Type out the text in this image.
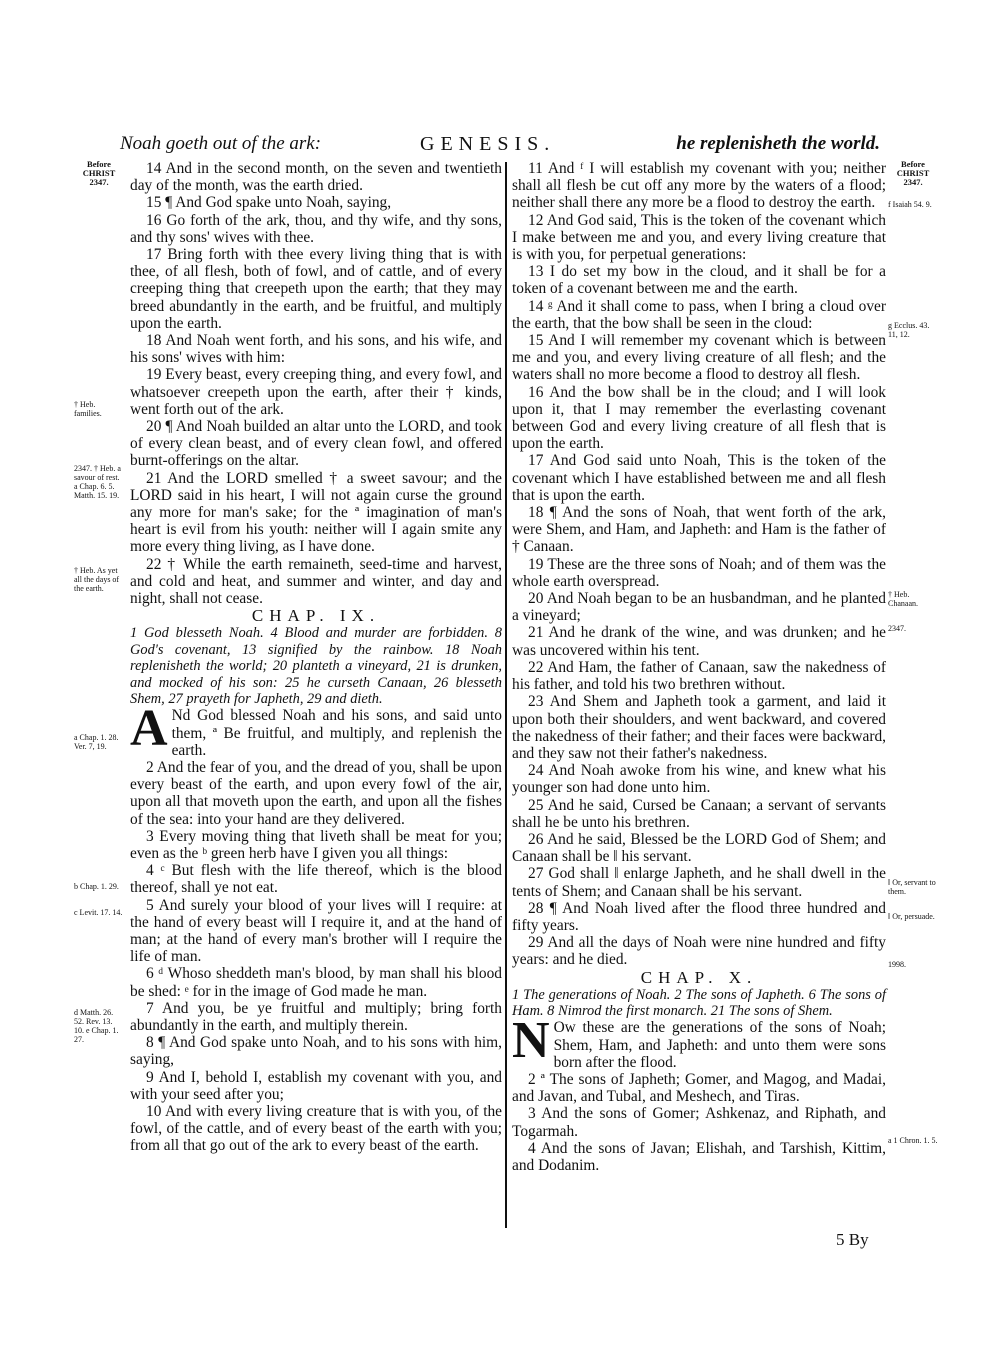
Noah goeth out of the ark:	GENESIS.	he replenisheth the world.

14 And in the second month, on the seven and twentieth day of the month, was the earth dried.

15 ¶ And God spake unto Noah, saying,

16 Go forth of the ark, thou, and thy wife, and thy sons, and thy sons' wives with thee.

17 Bring forth with thee every living thing that is with thee, of all flesh, both of fowl, and of cattle, and of every creeping thing that creepeth upon the earth; that they may breed abundantly in the earth, and be fruitful, and multiply upon the earth.

18 And Noah went forth, and his sons, and his wife, and his sons' wives with him:

19 Every beast, every creeping thing, and every fowl, and whatsoever creepeth upon the earth, after their † kinds, went forth out of the ark.

20 ¶ And Noah builded an altar unto the LORD, and took of every clean beast, and of every clean fowl, and offered burnt-offerings on the altar.

21 And the LORD smelled † a sweet savour; and the LORD said in his heart, I will not again curse the ground any more for man's sake; for the ª imagination of man's heart is evil from his youth: neither will I again smite any more every thing living, as I have done.

22 † While the earth remaineth, seed-time and harvest, and cold and heat, and summer and winter, and day and night, shall not cease.

CHAP. IX.

1 God blesseth Noah. 4 Blood and murder are forbidden. 8 God's covenant, 13 signified by the rainbow. 18 Noah replenisheth the world; 20 planteth a vineyard, 21 is drunken, and mocked of his son: 25 he curseth Canaan, 26 blesseth Shem, 27 prayeth for Japheth, 29 and dieth.

A Nd God blessed Noah and his sons, and said unto them, ª Be fruitful, and multiply, and replenish the earth.

2 And the fear of you, and the dread of you, shall be upon every beast of the earth, and upon every fowl of the air, upon all that moveth upon the earth, and upon all the fishes of the sea: into your hand are they delivered.

3 Every moving thing that liveth shall be meat for you; even as the ᵇ green herb have I given you all things:

4 ᶜ But flesh with the life thereof, which is the blood thereof, shall ye not eat.

5 And surely your blood of your lives will I require: at the hand of every beast will I require it, and at the hand of man; at the hand of every man's brother will I require the life of man.

6 ᵈ Whoso sheddeth man's blood, by man shall his blood be shed: ᵉ for in the image of God made he man.

7 And you, be ye fruitful and multiply; bring forth abundantly in the earth, and multiply therein.

8 ¶ And God spake unto Noah, and to his sons with him, saying,

9 And I, behold I, establish my covenant with you, and with your seed after you;

10 And with every living creature that is with you, of the fowl, of the cattle, and of every beast of the earth with you; from all that go out of the ark to every beast of the earth.

11 And ᶠ I will establish my covenant with you; neither shall all flesh be cut off any more by the waters of a flood; neither shall there any more be a flood to destroy the earth.

12 And God said, This is the token of the covenant which I make between me and you, and every living creature that is with you, for perpetual generations:

13 I do set my bow in the cloud, and it shall be for a token of a covenant between me and the earth.

14 ᵍ And it shall come to pass, when I bring a cloud over the earth, that the bow shall be seen in the cloud:

15 And I will remember my covenant which is between me and you, and every living creature of all flesh; and the waters shall no more become a flood to destroy all flesh.

16 And the bow shall be in the cloud; and I will look upon it, that I may remember the everlasting covenant between God and every living creature of all flesh that is upon the earth.

17 And God said unto Noah, This is the token of the covenant which I have established between me and all flesh that is upon the earth.

18 ¶ And the sons of Noah, that went forth of the ark, were Shem, and Ham, and Japheth: and Ham is the father of † Canaan.

19 These are the three sons of Noah; and of them was the whole earth overspread.

20 And Noah began to be an husbandman, and he planted a vineyard;

21 And he drank of the wine, and was drunken; and he was uncovered within his tent.

22 And Ham, the father of Canaan, saw the nakedness of his father, and told his two brethren without.

23 And Shem and Japheth took a garment, and laid it upon both their shoulders, and went backward, and covered the nakedness of their father; and their faces were backward, and they saw not their father's nakedness.

24 And Noah awoke from his wine, and knew what his younger son had done unto him.

25 And he said, Cursed be Canaan; a servant of servants shall he be unto his brethren.

26 And he said, Blessed be the LORD God of Shem; and Canaan shall be ‖ his servant.

27 God shall ‖ enlarge Japheth, and he shall dwell in the tents of Shem; and Canaan shall be his servant.

28 ¶ And Noah lived after the flood three hundred and fifty years.

29 And all the days of Noah were nine hundred and fifty years: and he died.

CHAP. X.

1 The generations of Noah. 2 The sons of Japheth. 6 The sons of Ham. 8 Nimrod the first monarch. 21 The sons of Shem.

N Ow these are the generations of the sons of Noah; Shem, Ham, and Japheth: and unto them were sons born after the flood.

2 ª The sons of Japheth; Gomer, and Magog, and Madai, and Javan, and Tubal, and Meshech, and Tiras.

3 And the sons of Gomer; Ashkenaz, and Riphath, and Togarmah.

4 And the sons of Javan; Elishah, and Tarshish, Kittim, and Dodanim.

Before CHRIST 2347.
† Heb. families.
2347. † Heb. a savour of rest. a Chap. 6. 5. Matth. 15. 19.
† Heb. As yet all the days of the earth.
a Chap. 1. 28. Ver. 7, 19.
b Chap. 1. 29.
c Levit. 17. 14.
d Matth. 26. 52. Rev. 13. 10. e Chap. 1. 27.
Before CHRIST 2347.
f Isaiah 54. 9.
g Ecclus. 43. 11, 12.
† Heb. Chanaan.
2347.
‖ Or, servant to them.
‖ Or, persuade.
1998.
a 1 Chron. 1. 5.
5 By
